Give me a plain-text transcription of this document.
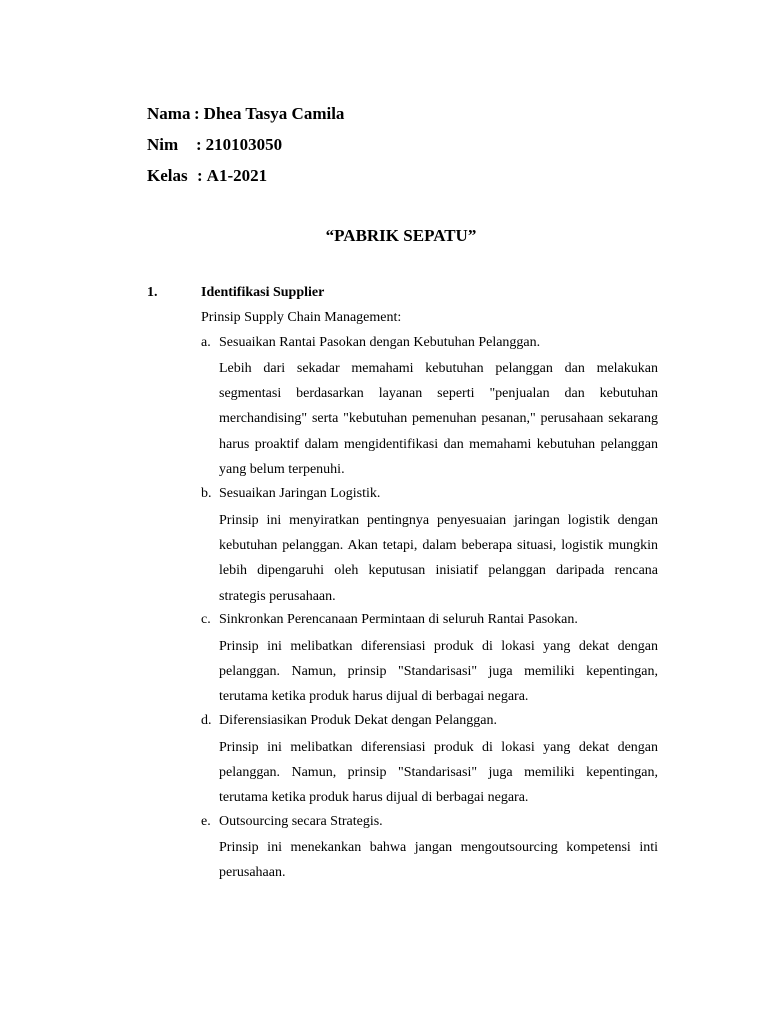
Nama : Dhea Tasya Camila
Nim	: 210103050
Kelas : A1-2021
“PABRIK SEPATU”
1.	Identifikasi Supplier
Prinsip Supply Chain Management:
a. Sesuaikan Rantai Pasokan dengan Kebutuhan Pelanggan.
Lebih dari sekadar memahami kebutuhan pelanggan dan melakukan segmentasi berdasarkan layanan seperti "penjualan dan kebutuhan merchandising" serta "kebutuhan pemenuhan pesanan," perusahaan sekarang harus proaktif dalam mengidentifikasi dan memahami kebutuhan pelanggan yang belum terpenuhi.
b. Sesuaikan Jaringan Logistik.
Prinsip ini menyiratkan pentingnya penyesuaian jaringan logistik dengan kebutuhan pelanggan. Akan tetapi, dalam beberapa situasi, logistik mungkin lebih dipengaruhi oleh keputusan inisiatif pelanggan daripada rencana strategis perusahaan.
c. Sinkronkan Perencanaan Permintaan di seluruh Rantai Pasokan.
Prinsip ini melibatkan diferensiasi produk di lokasi yang dekat dengan pelanggan. Namun, prinsip "Standarisasi" juga memiliki kepentingan, terutama ketika produk harus dijual di berbagai negara.
d. Diferensiasikan Produk Dekat dengan Pelanggan.
Prinsip ini melibatkan diferensiasi produk di lokasi yang dekat dengan pelanggan. Namun, prinsip "Standarisasi" juga memiliki kepentingan, terutama ketika produk harus dijual di berbagai negara.
e. Outsourcing secara Strategis.
Prinsip ini menekankan bahwa jangan mengoutsourcing kompetensi inti perusahaan.
